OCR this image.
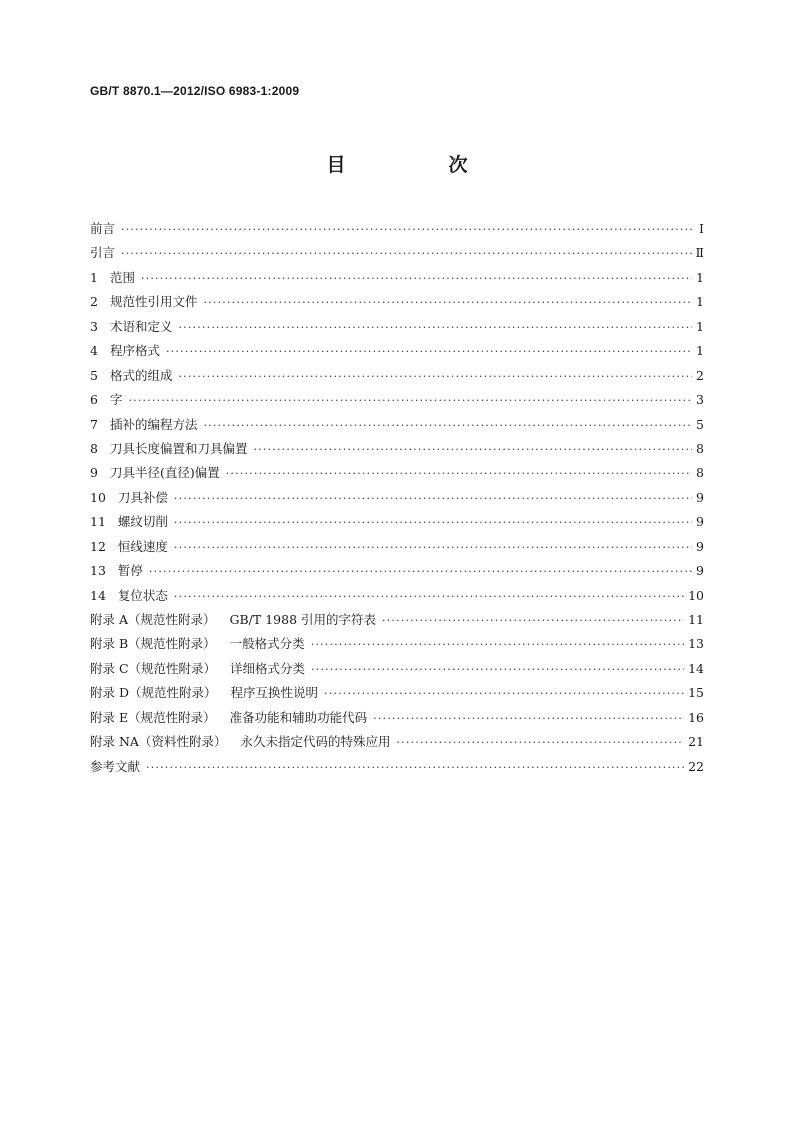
GB/T 8870.1—2012/ISO 6983-1:2009
目　次
前言 ·····	Ⅰ
引言 ·····	Ⅱ
1 范围 ·····	1
2 规范性引用文件 ·····	1
3 术语和定义 ·····	1
4 程序格式 ·····	1
5 格式的组成 ·····	2
6 字 ·····	3
7 插补的编程方法 ·····	5
8 刀具长度偏置和刀具偏置 ·····	8
9 刀具半径(直径)偏置 ·····	8
10 刀具补偿 ·····	9
11 螺纹切削 ·····	9
12 恒线速度 ·····	9
13 暂停 ·····	9
14 复位状态 ·····	10
附录 A（规范性附录） GB/T 1988 引用的字符表 ·····	11
附录 B（规范性附录） 一般格式分类 ·····	13
附录 C（规范性附录） 详细格式分类 ·····	14
附录 D（规范性附录） 程序互换性说明 ·····	15
附录 E（规范性附录） 准备功能和辅助功能代码 ·····	16
附录 NA（资料性附录） 永久未指定代码的特殊应用 ·····	21
参考文献 ·····	22
